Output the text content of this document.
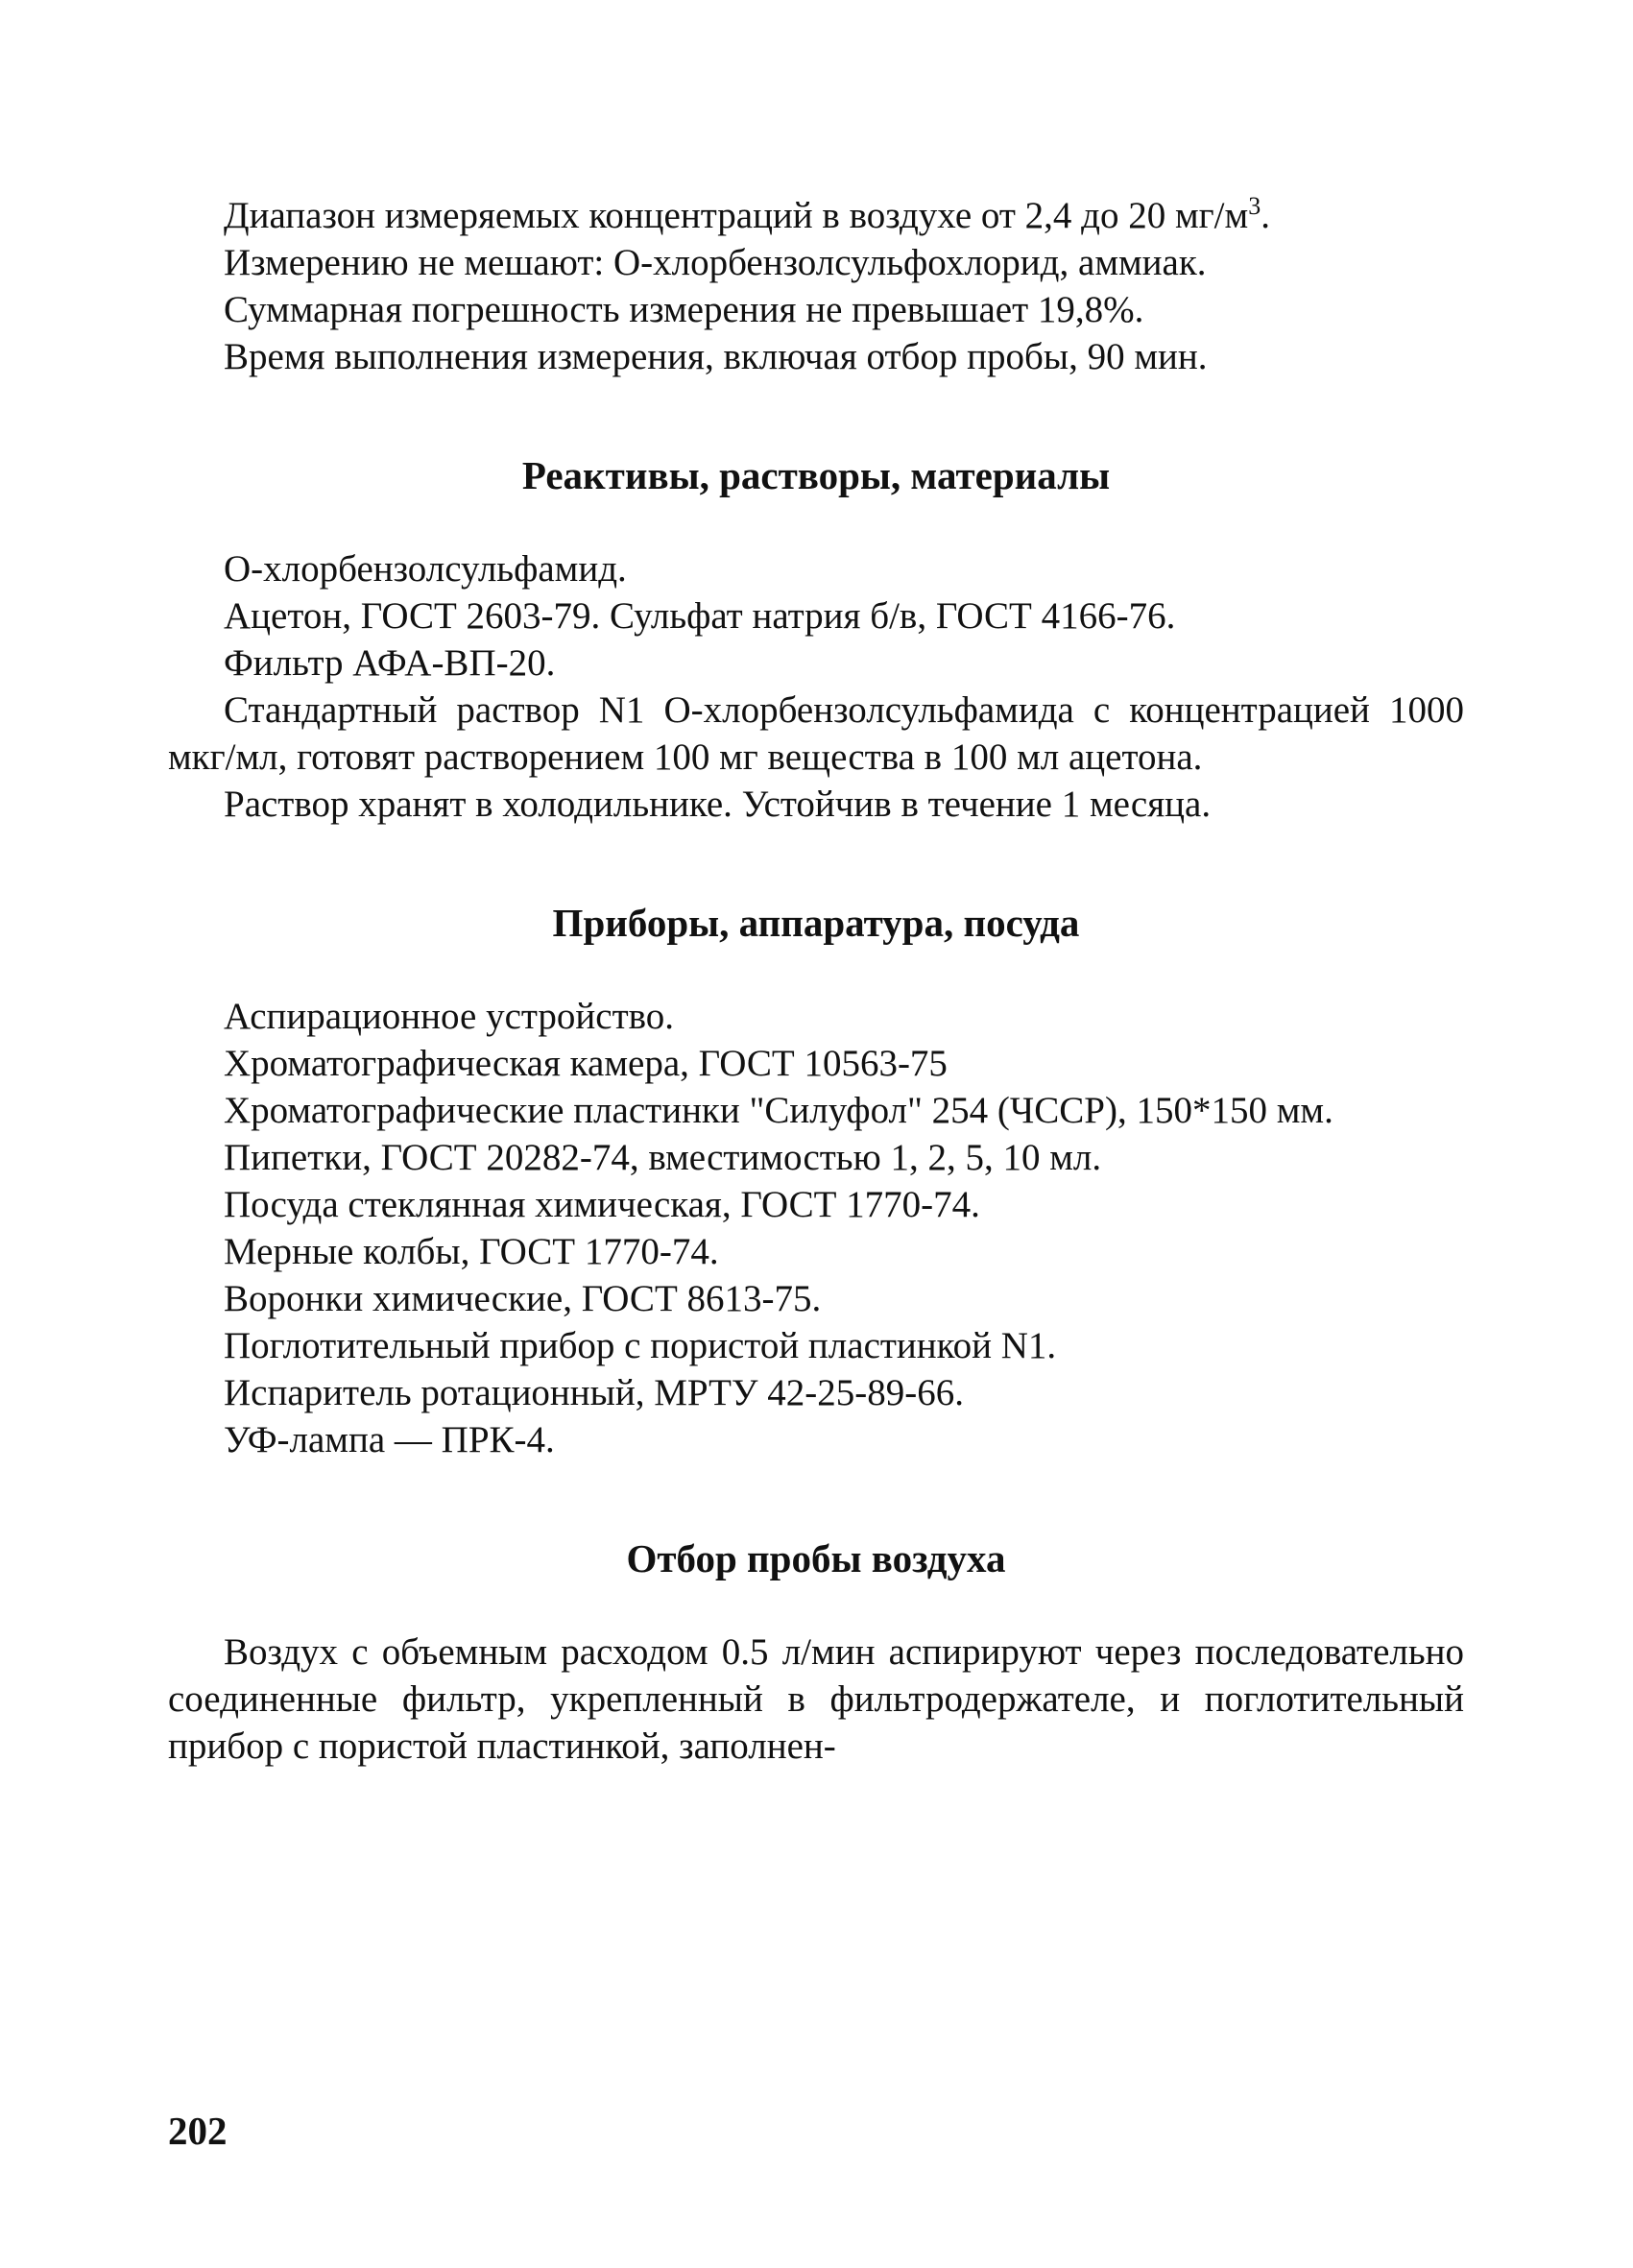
Диапазон измеряемых концентраций в воздухе от 2,4 до 20 $мг/м^3$.

Измерению не мешают: О-хлорбензолсульфохлорид, аммиак.

Суммарная погрешность измерения не превышает 19,8%.

Время выполнения измерения, включая отбор пробы, 90 мин.

Реактивы, растворы, материалы

О-хлорбензолсульфамид.

Ацетон, ГОСТ 2603-79. Сульфат натрия б/в, ГОСТ 4166-76.

Фильтр АФА-ВП-20.

Стандартный раствор N1 О-хлорбензолсульфамида с концентрацией 1000 мкг/мл, готовят растворением 100 мг вещества в 100 мл ацетона.

Раствор хранят в холодильнике. Устойчив в течение 1 месяца.

Приборы, аппаратура, посуда

Аспирационное устройство.

Хроматографическая камера, ГОСТ 10563-75

Хроматографические пластинки "Силуфол" 254 (ЧССР), 150*150 мм.

Пипетки, ГОСТ 20282-74, вместимостью 1, 2, 5, 10 мл.

Посуда стеклянная химическая, ГОСТ 1770-74.

Мерные колбы, ГОСТ 1770-74.

Воронки химические, ГОСТ 8613-75.

Поглотительный прибор с пористой пластинкой N1.

Испаритель ротационный, МРТУ 42-25-89-66.

УФ-лампа — ПРК-4.

Отбор пробы воздуха

Воздух с объемным расходом 0.5 л/мин аспирируют через последовательно соединенные фильтр, укрепленный в фильтродержателе, и поглотительный прибор с пористой пластинкой, заполнен-

202
